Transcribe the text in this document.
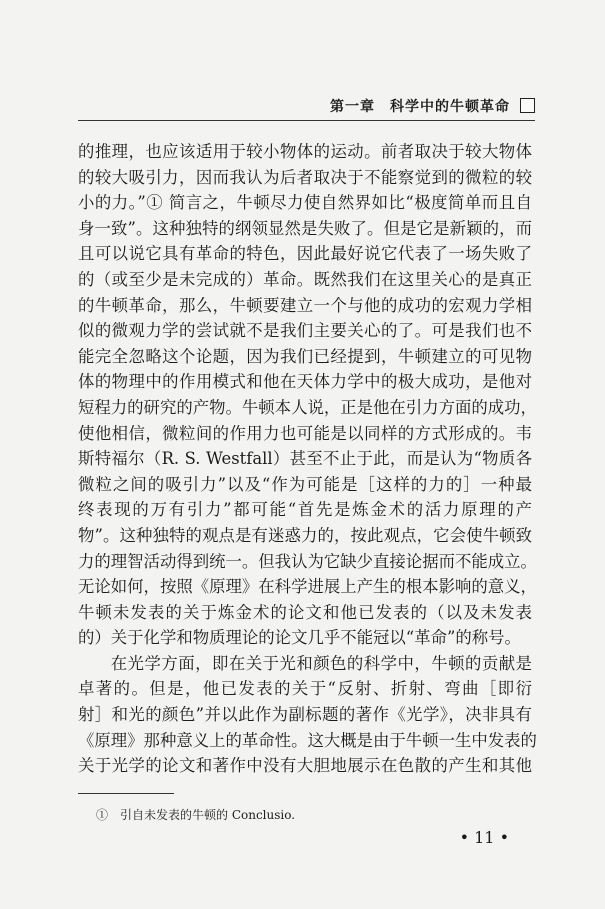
第一章　科学中的牛顿革命

的推理，也应该适用于较小物体的运动。前者取决于较大物体
的较大吸引力，因而我认为后者取决于不能察觉到的微粒的较
小的力。”① 简言之，牛顿尽力使自然界如比“极度简单而且自
身一致”。这种独特的纲领显然是失败了。但是它是新颖的，而
且可以说它具有革命的特色，因此最好说它代表了一场失败了
的（或至少是未完成的）革命。既然我们在这里关心的是真正
的牛顿革命，那么，牛顿要建立一个与他的成功的宏观力学相
似的微观力学的尝试就不是我们主要关心的了。可是我们也不
能完全忽略这个论题，因为我们已经提到，牛顿建立的可见物
体的物理中的作用模式和他在天体力学中的极大成功，是他对
短程力的研究的产物。牛顿本人说，正是他在引力方面的成功，
使他相信，微粒间的作用力也可能是以同样的方式形成的。韦
斯特福尔（R. S. Westfall）甚至不止于此，而是认为“物质各
微粒之间的吸引力”以及“作为可能是［这样的力的］一种最
终表现的万有引力”都可能“首先是炼金术的活力原理的产
物”。这种独特的观点是有迷惑力的，按此观点，它会使牛顿致
力的理智活动得到统一。但我认为它缺少直接论据而不能成立。
无论如何，按照《原理》在科学进展上产生的根本影响的意义，
牛顿未发表的关于炼金术的论文和他已发表的（以及未发表
的）关于化学和物质理论的论文几乎不能冠以“革命”的称号。

在光学方面，即在关于光和颜色的科学中，牛顿的贡献是
卓著的。但是，他已发表的关于“反射、折射、弯曲［即衍
射］和光的颜色”并以此作为副标题的著作《光学》，决非具有
《原理》那种意义上的革命性。这大概是由于牛顿一生中发表的
关于光学的论文和著作中没有大胆地展示在色散的产生和其他

①　引自未发表的牛顿的 Conclusio.
• 11 •
